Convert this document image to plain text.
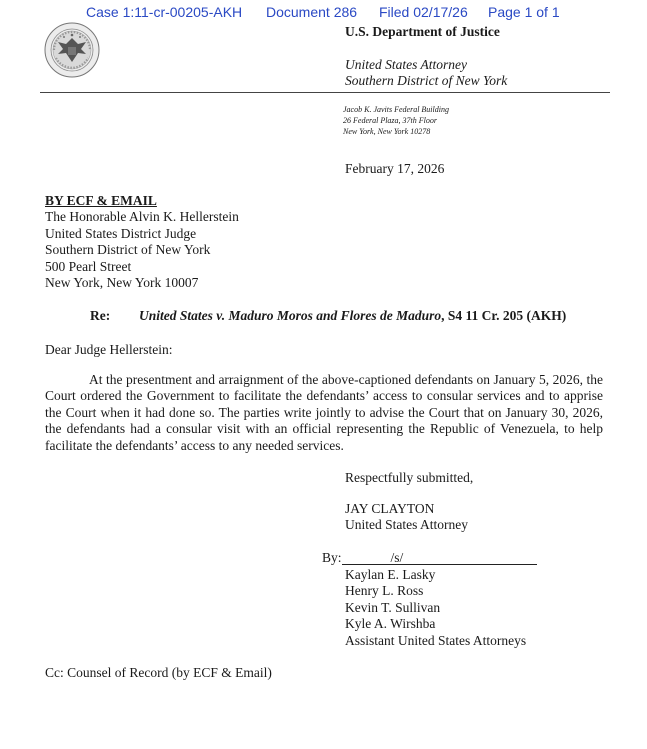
Case 1:11-cr-00205-AKH Document 286 Filed 02/17/26 Page 1 of 1
U.S. Department of Justice
United States Attorney
Southern District of New York
Jacob K. Javits Federal Building
26 Federal Plaza, 37th Floor
New York, New York 10278
February 17, 2026
BY ECF & EMAIL
The Honorable Alvin K. Hellerstein
United States District Judge
Southern District of New York
500 Pearl Street
New York, New York 10007
Re: United States v. Maduro Moros and Flores de Maduro, S4 11 Cr. 205 (AKH)
Dear Judge Hellerstein:
At the presentment and arraignment of the above-captioned defendants on January 5, 2026, the Court ordered the Government to facilitate the defendants’ access to consular services and to apprise the Court when it had done so. The parties write jointly to advise the Court that on January 30, 2026, the defendants had a consular visit with an official representing the Republic of Venezuela, to help facilitate the defendants’ access to any needed services.
Respectfully submitted,
JAY CLAYTON
United States Attorney
By:	/s/
Kaylan E. Lasky
Henry L. Ross
Kevin T. Sullivan
Kyle A. Wirshba
Assistant United States Attorneys
Cc: Counsel of Record (by ECF & Email)
